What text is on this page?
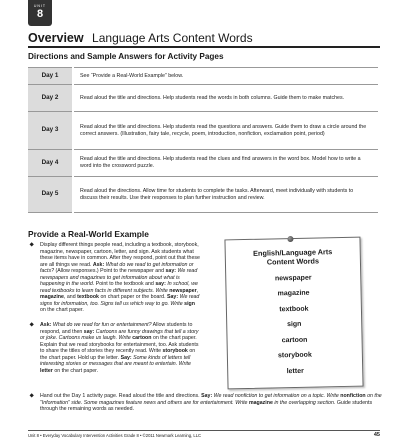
UNIT
8
Overview Language Arts Content Words
Directions and Sample Answers for Activity Pages
Day 1	See “Provide a Real-World Example” below.
Day 2	Read aloud the title and directions. Help students read the words in both columns. Guide them to make matches.
Day 3	Read aloud the title and directions. Help students read the questions and answers. Guide them to draw a circle around the correct answers. (Illustration, fairy tale, recycle, poem, introduction, nonfiction, exclamation point, period)
Day 4	Read aloud the title and directions. Help students read the clues and find answers in the word box. Model how to write a word into the crossword puzzle.
Day 5	Read aloud the directions. Allow time for students to complete the tasks. Afterward, meet individually with students to discuss their results. Use their responses to plan further instruction and review.
Provide a Real-World Example
Display different things people read, including a textbook, storybook, magazine, newspaper, cartoon, letter, and sign. Ask students what these items have in common. After they respond, point out that these are all things we read. Ask: What do we read to get information or facts? (Allow responses.) Point to the newspaper and say: We read newspapers and magazines to get information about what is happening in the world. Point to the textbook and say: In school, we read textbooks to learn facts in different subjects. Write newspaper, magazine, and textbook on chart paper or the board. Say: We read signs for information, too. Signs tell us which way to go. Write sign on the chart paper.
Ask: What do we read for fun or entertainment? Allow students to respond, and then say: Cartoons are funny drawings that tell a story or joke. Cartoons make us laugh. Write cartoon on the chart paper. Explain that we read storybooks for entertainment, too. Ask students to share the titles of stories they recently read. Write storybook on the chart paper. Hold up the letter. Say: Some kinds of letters tell interesting stories or messages that are meant to entertain. Write letter on the chart paper.
Hand out the Day 1 activity page. Read aloud the title and directions. Say: We read nonfiction to get information on a topic. Write nonfiction on the “Information” side. Some magazines feature news and others are for entertainment. Write magazine in the overlapping section. Guide students through the remaining words as needed.
English/Language Arts
Content Words
newspaper
magazine
textbook
sign
cartoon
storybook
letter
Unit 8 • Everyday Vocabulary Intervention Activities Grade 8 • ©2011 Newmark Learning, LLC	45
